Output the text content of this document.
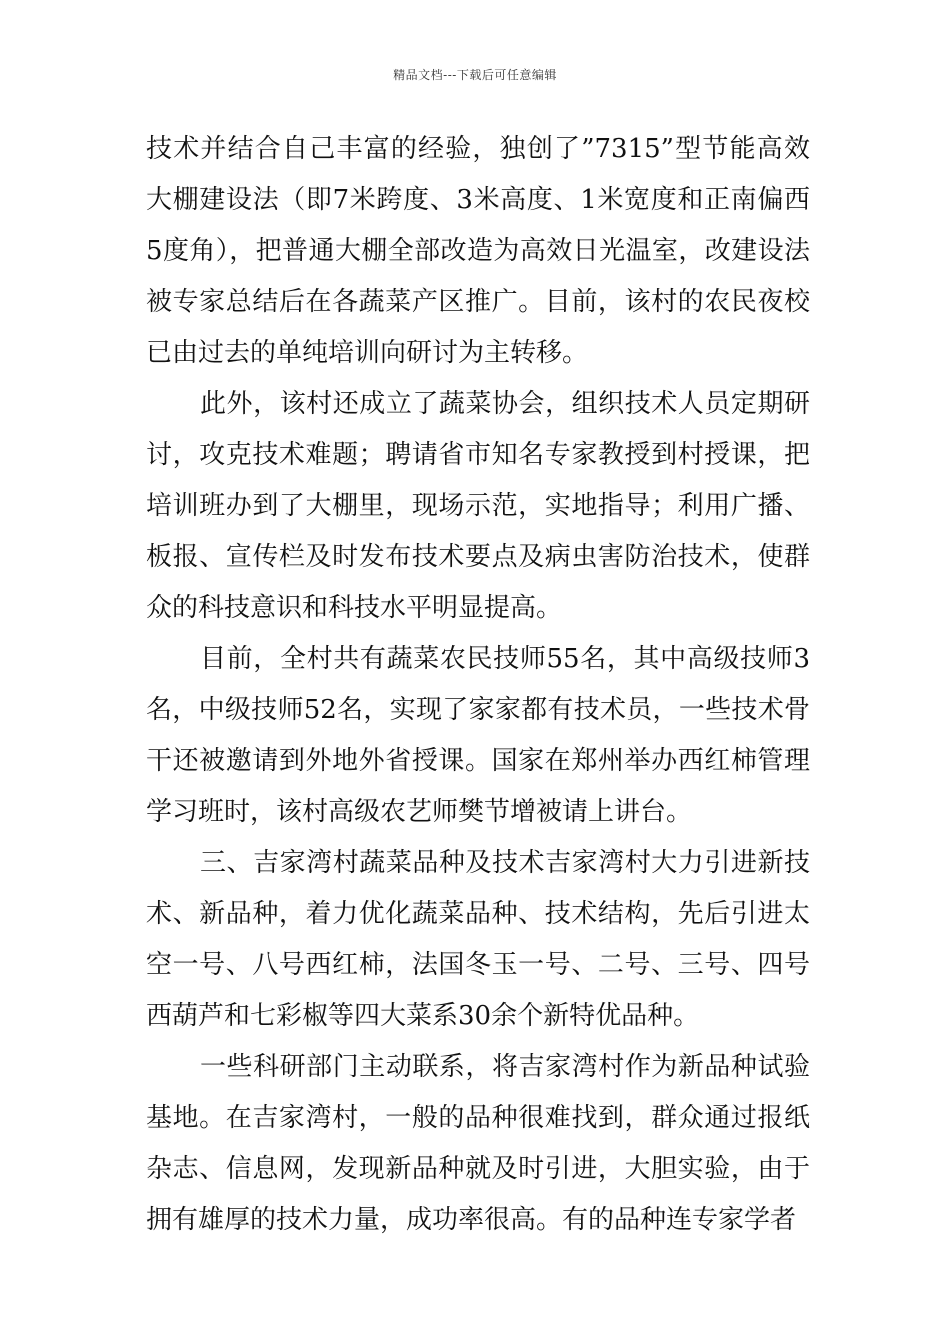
精品文档---下载后可任意编辑

技术并结合自己丰富的经验，独创了”7315”型节能高效大棚建设法（即7米跨度、3米高度、1米宽度和正南偏西5度角），把普通大棚全部改造为高效日光温室，改建设法被专家总结后在各蔬菜产区推广。目前，该村的农民夜校已由过去的单纯培训向研讨为主转移。

此外，该村还成立了蔬菜协会，组织技术人员定期研讨，攻克技术难题；聘请省市知名专家教授到村授课，把培训班办到了大棚里，现场示范，实地指导；利用广播、板报、宣传栏及时发布技术要点及病虫害防治技术，使群众的科技意识和科技水平明显提高。

目前，全村共有蔬菜农民技师55名，其中高级技师3名，中级技师52名，实现了家家都有技术员，一些技术骨干还被邀请到外地外省授课。国家在郑州举办西红柿管理学习班时，该村高级农艺师樊节增被请上讲台。

三、吉家湾村蔬菜品种及技术吉家湾村大力引进新技术、新品种，着力优化蔬菜品种、技术结构，先后引进太空一号、八号西红柿，法国冬玉一号、二号、三号、四号西葫芦和七彩椒等四大菜系30余个新特优品种。

一些科研部门主动联系，将吉家湾村作为新品种试验基地。在吉家湾村，一般的品种很难找到，群众通过报纸杂志、信息网，发现新品种就及时引进，大胆实验，由于拥有雄厚的技术力量，成功率很高。有的品种连专家学者
